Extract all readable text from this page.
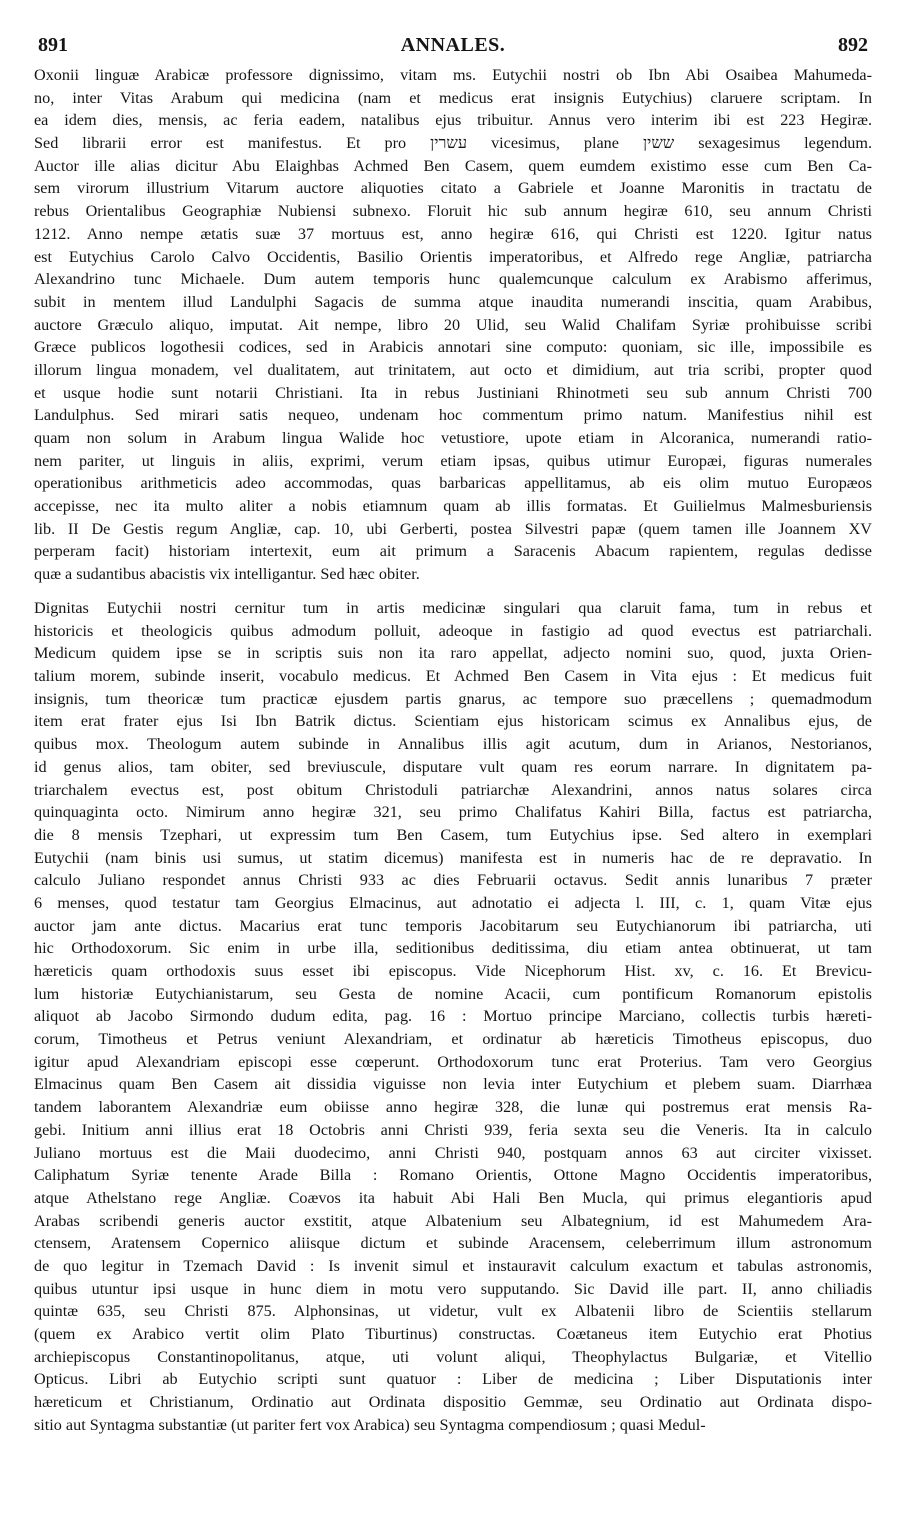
891	ANNALES.	892
Oxonii linguæ Arabicæ professore dignissimo, vitam ms. Eutychii nostri ob Ibn Abi Osaibea Mahumeda-
no, inter Vitas Arabum qui medicina (nam et medicus erat insignis Eutychius) claruere scriptam. In
ea idem dies, mensis, ac feria eadem, natalibus ejus tribuitur. Annus vero interim ibi est 223 Hegiræ.
Sed librarii error est manifestus. Et pro עשרין vicesimus, plane ששין sexagesimus legendum.
Auctor ille alias dicitur Abu Elaighbas Achmed Ben Casem, quem eumdem existimo esse cum Ben Ca-
sem virorum illustrium Vitarum auctore aliquoties citato a Gabriele et Joanne Maronitis in tractatu de
rebus Orientalibus Geographiæ Nubiensi subnexo. Floruit hic sub annum hegiræ 610, seu annum Christi
1212. Anno nempe ætatis suæ 37 mortuus est, anno hegiræ 616, qui Christi est 1220. Igitur natus
est Eutychius Carolo Calvo Occidentis, Basilio Orientis imperatoribus, et Alfredo rege Angliæ, patriarcha
Alexandrino tunc Michaele. Dum autem temporis hunc qualemcunque calculum ex Arabismo afferimus,
subit in mentem illud Landulphi Sagacis de summa atque inaudita numerandi inscitia, quam Arabibus,
auctore Græculo aliquo, imputat. Ait nempe, libro 20 Ulid, seu Walid Chalifam Syriæ prohibuisse scribi
Græce publicos logothesii codices, sed in Arabicis annotari sine computo: quoniam, sic ille, impossibile es
illorum lingua monadem, vel dualitatem, aut trinitatem, aut octo et dimidium, aut tria scribi, propter quod
et usque hodie sunt notarii Christiani. Ita in rebus Justiniani Rhinotmeti seu sub annum Christi 700
Landulphus. Sed mirari satis nequeo, undenam hoc commentum primo natum. Manifestius nihil est
quam non solum in Arabum lingua Walide hoc vetustiore, upote etiam in Alcoranica, numerandi ratio-
nem pariter, ut linguis in aliis, exprimi, verum etiam ipsas, quibus utimur Europæi, figuras numerales
operationibus arithmeticis adeo accommodas, quas barbaricas appellitamus, ab eis olim mutuo Europæos
accepisse, nec ita multo aliter a nobis etiamnum quam ab illis formatas. Et Guilielmus Malmesburiensis
lib. II De Gestis regum Angliæ, cap. 10, ubi Gerberti, postea Silvestri papæ (quem tamen ille Joannem XV
perperam facit) historiam intertexit, eum ait primum a Saracenis Abacum rapientem, regulas dedisse
quæ a sudantibus abacistis vix intelligantur. Sed hæc obiter.
Dignitas Eutychii nostri cernitur tum in artis medicinæ singulari qua claruit fama, tum in rebus et
historicis et theologicis quibus admodum polluit, adeoque in fastigio ad quod evectus est patriarchali.
Medicum quidem ipse se in scriptis suis non ita raro appellat, adjecto nomini suo, quod, juxta Orien-
talium morem, subinde inserit, vocabulo medicus. Et Achmed Ben Casem in Vita ejus : Et medicus fuit
insignis, tum theoricæ tum practicæ ejusdem partis gnarus, ac tempore suo præcellens ; quemadmodum
item erat frater ejus Isi Ibn Batrik dictus. Scientiam ejus historicam scimus ex Annalibus ejus, de
quibus mox. Theologum autem subinde in Annalibus illis agit acutum, dum in Arianos, Nestorianos,
id genus alios, tam obiter, sed breviuscule, disputare vult quam res eorum narrare. In dignitatem pa-
triarchalem evectus est, post obitum Christoduli patriarchæ Alexandrini, annos natus solares circa
quinquaginta octo. Nimirum anno hegiræ 321, seu primo Chalifatus Kahiri Billa, factus est patriarcha,
die 8 mensis Tzephari, ut expressim tum Ben Casem, tum Eutychius ipse. Sed altero in exemplari
Eutychii (nam binis usi sumus, ut statim dicemus) manifesta est in numeris hac de re depravatio. In
calculo Juliano respondet annus Christi 933 ac dies Februarii octavus. Sedit annis lunaribus 7 præter
6 menses, quod testatur tam Georgius Elmacinus, aut adnotatio ei adjecta l. III, c. 1, quam Vitæ ejus
auctor jam ante dictus. Macarius erat tunc temporis Jacobitarum seu Eutychianorum ibi patriarcha, uti
hic Orthodoxorum. Sic enim in urbe illa, seditionibus deditissima, diu etiam antea obtinuerat, ut tam
hæreticis quam orthodoxis suus esset ibi episcopus. Vide Nicephorum Hist. xv, c. 16. Et Brevicu-
lum historiæ Eutychianistarum, seu Gesta de nomine Acacii, cum pontificum Romanorum epistolis
aliquot ab Jacobo Sirmondo dudum edita, pag. 16 : Mortuo principe Marciano, collectis turbis hæreti-
corum, Timotheus et Petrus veniunt Alexandriam, et ordinatur ab hæreticis Timotheus episcopus, duo
igitur apud Alexandriam episcopi esse cœperunt. Orthodoxorum tunc erat Proterius. Tam vero Georgius
Elmacinus quam Ben Casem ait dissidia viguisse non levia inter Eutychium et plebem suam. Diarrhæa
tandem laborantem Alexandriæ eum obiisse anno hegiræ 328, die lunæ qui postremus erat mensis Ra-
gebi. Initium anni illius erat 18 Octobris anni Christi 939, feria sexta seu die Veneris. Ita in calculo
Juliano mortuus est die Maii duodecimo, anni Christi 940, postquam annos 63 aut circiter vixisset.
Caliphatum Syriæ tenente Arade Billa : Romano Orientis, Ottone Magno Occidentis imperatoribus,
atque Athelstano rege Angliæ. Coævos ita habuit Abi Hali Ben Mucla, qui primus elegantioris apud
Arabas scribendi generis auctor exstitit, atque Albatenium seu Albategnium, id est Mahumedem Ara-
ctensem, Aratensem Copernico aliisque dictum et subinde Aracensem, celeberrimum illum astronomum
de quo legitur in Tzemach David : Is invenit simul et instauravit calculum exactum et tabulas astronomis,
quibus utuntur ipsi usque in hunc diem in motu vero supputando. Sic David ille part. II, anno chiliadis
quintæ 635, seu Christi 875. Alphonsinas, ut videtur, vult ex Albatenii libro de Scientiis stellarum
(quem ex Arabico vertit olim Plato Tiburtinus) constructas. Coætaneus item Eutychio erat Photius
archiepiscopus Constantinopolitanus, atque, uti volunt aliqui, Theophylactus Bulgariæ, et Vitellio
Opticus. Libri ab Eutychio scripti sunt quatuor : Liber de medicina ; Liber Disputationis inter
hæreticum et Christianum, Ordinatio aut Ordinata dispositio Gemmæ, seu Ordinatio aut Ordinata dispo-
sitio aut Syntagma substantiæ (ut pariter fert vox Arabica) seu Syntagma compendiosum ; quasi Medul-
